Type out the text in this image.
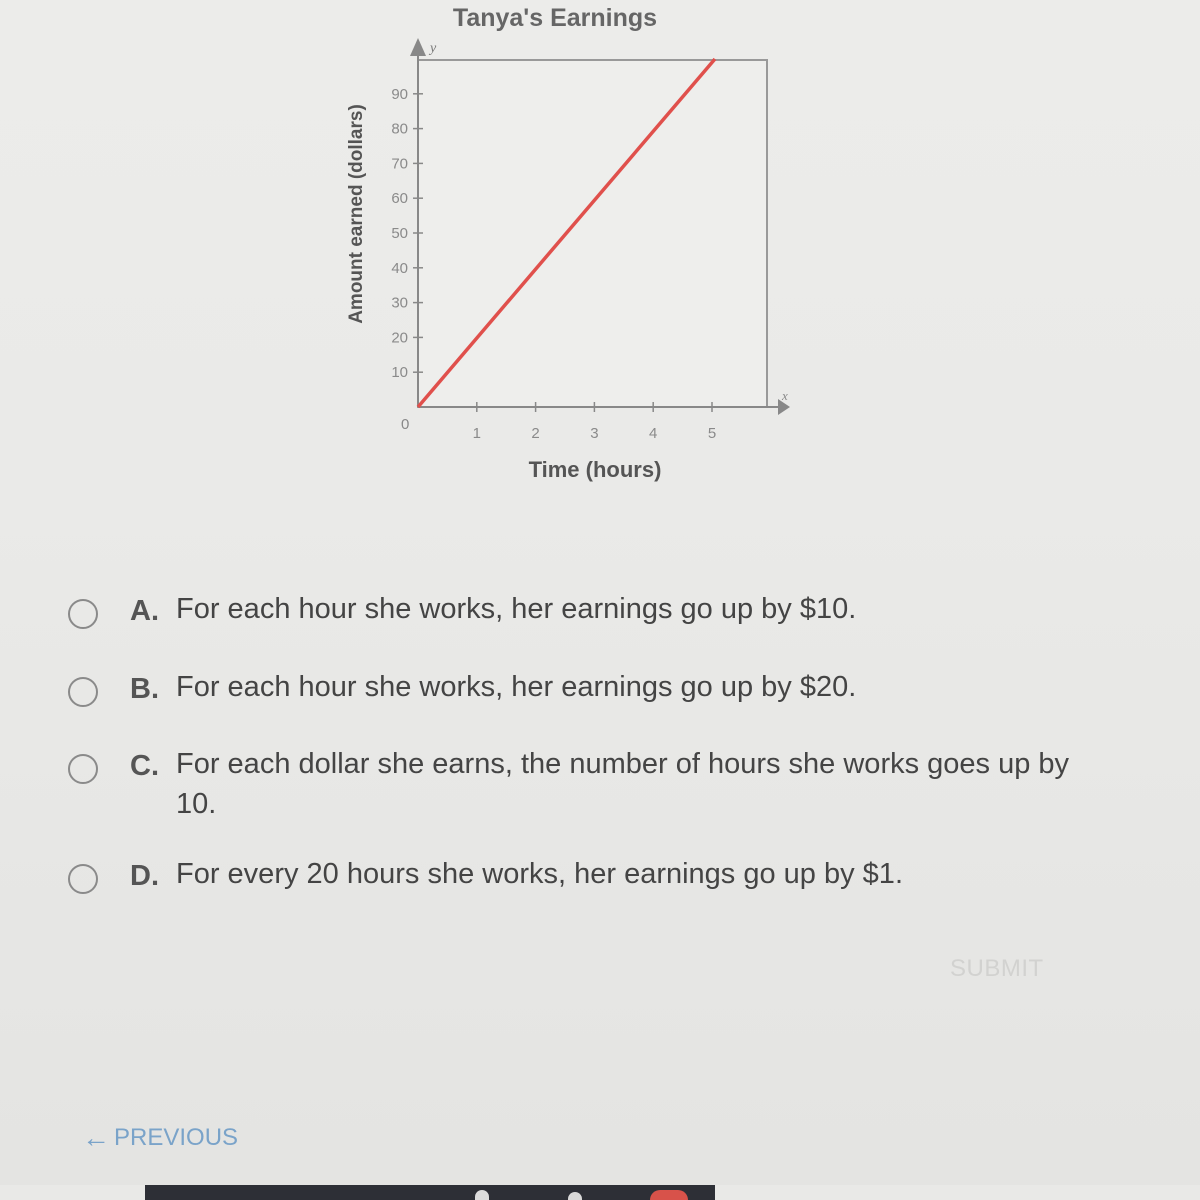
y
x
0
10
20
30
40
50
60
70
80
90
1	2	3	4	5
Tanya's Earnings
Amount earned (dollars)
Time (hours)
A. For each hour she works, her earnings go up by $10.
B. For each hour she works, her earnings go up by $20.
C. For each dollar she earns, the number of hours she works goes up by 10.
D. For every 20 hours she works, her earnings go up by $1.
SUBMIT
← PREVIOUS
